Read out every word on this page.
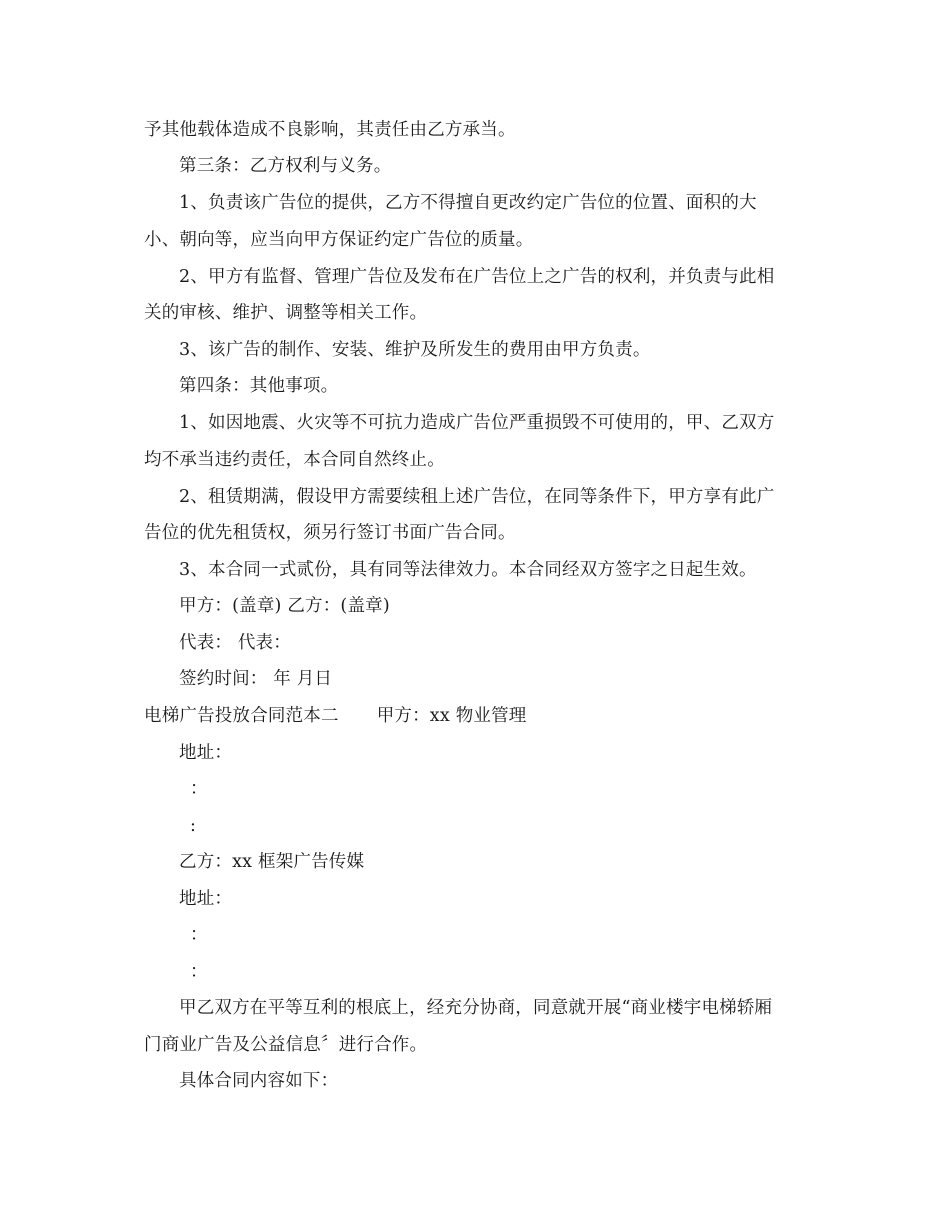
予其他载体造成不良影响，其责任由乙方承当。
第三条：乙方权利与义务。
1、负责该广告位的提供，乙方不得擅自更改约定广告位的位置、面积的大
小、朝向等，应当向甲方保证约定广告位的质量。
2、甲方有监督、管理广告位及发布在广告位上之广告的权利，并负责与此相
关的审核、维护、调整等相关工作。
3、该广告的制作、安装、维护及所发生的费用由甲方负责。
第四条：其他事项。
1、如因地震、火灾等不可抗力造成广告位严重损毁不可使用的，甲、乙双方
均不承当违约责任，本合同自然终止。
2、租赁期满，假设甲方需要续租上述广告位，在同等条件下，甲方享有此广
告位的优先租赁权，须另行签订书面广告合同。
3、本合同一式贰份，具有同等法律效力。本合同经双方签字之日起生效。
甲方：(盖章) 乙方：(盖章)
代表： 代表：
签约时间： 年 月日
电梯广告投放合同范本二 甲方：xx 物业管理
地址：
：
:
乙方：xx 框架广告传媒
地址：
：
：
甲乙双方在平等互利的根底上，经充分协商，同意就开展“商业楼宇电梯轿厢
门商业广告及公益信息〞进行合作。
具体合同内容如下：
